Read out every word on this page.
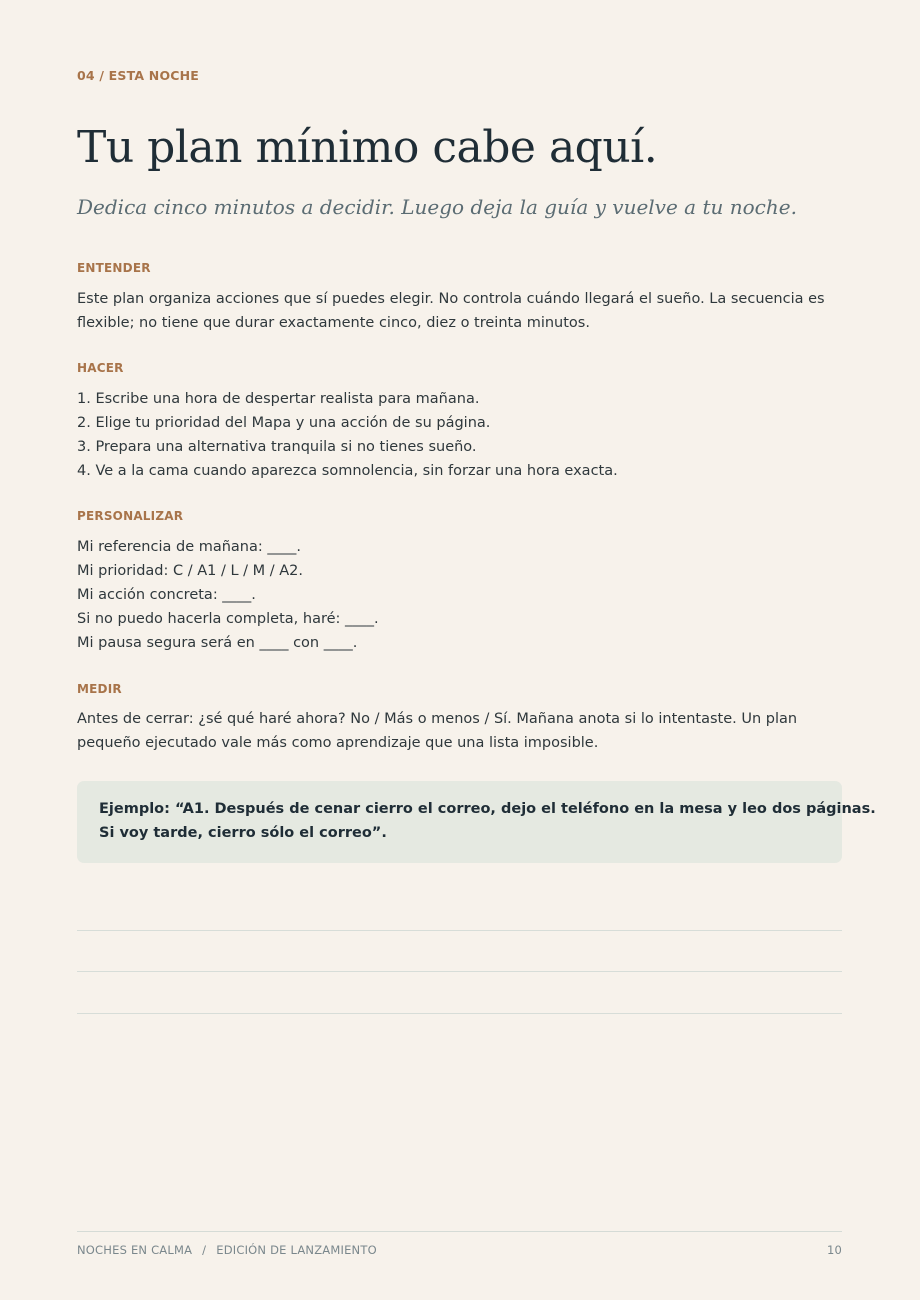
04 / ESTA NOCHE
Tu plan mínimo cabe aquí.
Dedica cinco minutos a decidir. Luego deja la guía y vuelve a tu noche.
ENTENDER
Este plan organiza acciones que sí puedes elegir. No controla cuándo llegará el sueño. La secuencia es
flexible; no tiene que durar exactamente cinco, diez o treinta minutos.
HACER
1. Escribe una hora de despertar realista para mañana.
2. Elige tu prioridad del Mapa y una acción de su página.
3. Prepara una alternativa tranquila si no tienes sueño.
4. Ve a la cama cuando aparezca somnolencia, sin forzar una hora exacta.
PERSONALIZAR
Mi referencia de mañana: ____.
Mi prioridad: C / A1 / L / M / A2.
Mi acción concreta: ____.
Si no puedo hacerla completa, haré: ____.
Mi pausa segura será en ____ con ____.
MEDIR
Antes de cerrar: ¿sé qué haré ahora? No / Más o menos / Sí. Mañana anota si lo intentaste. Un plan
pequeño ejecutado vale más como aprendizaje que una lista imposible.
Ejemplo: “A1. Después de cenar cierro el correo, dejo el teléfono en la mesa y leo dos páginas.
Si voy tarde, cierro sólo el correo”.
NOCHES EN CALMA / EDICIÓN DE LANZAMIENTO	10
